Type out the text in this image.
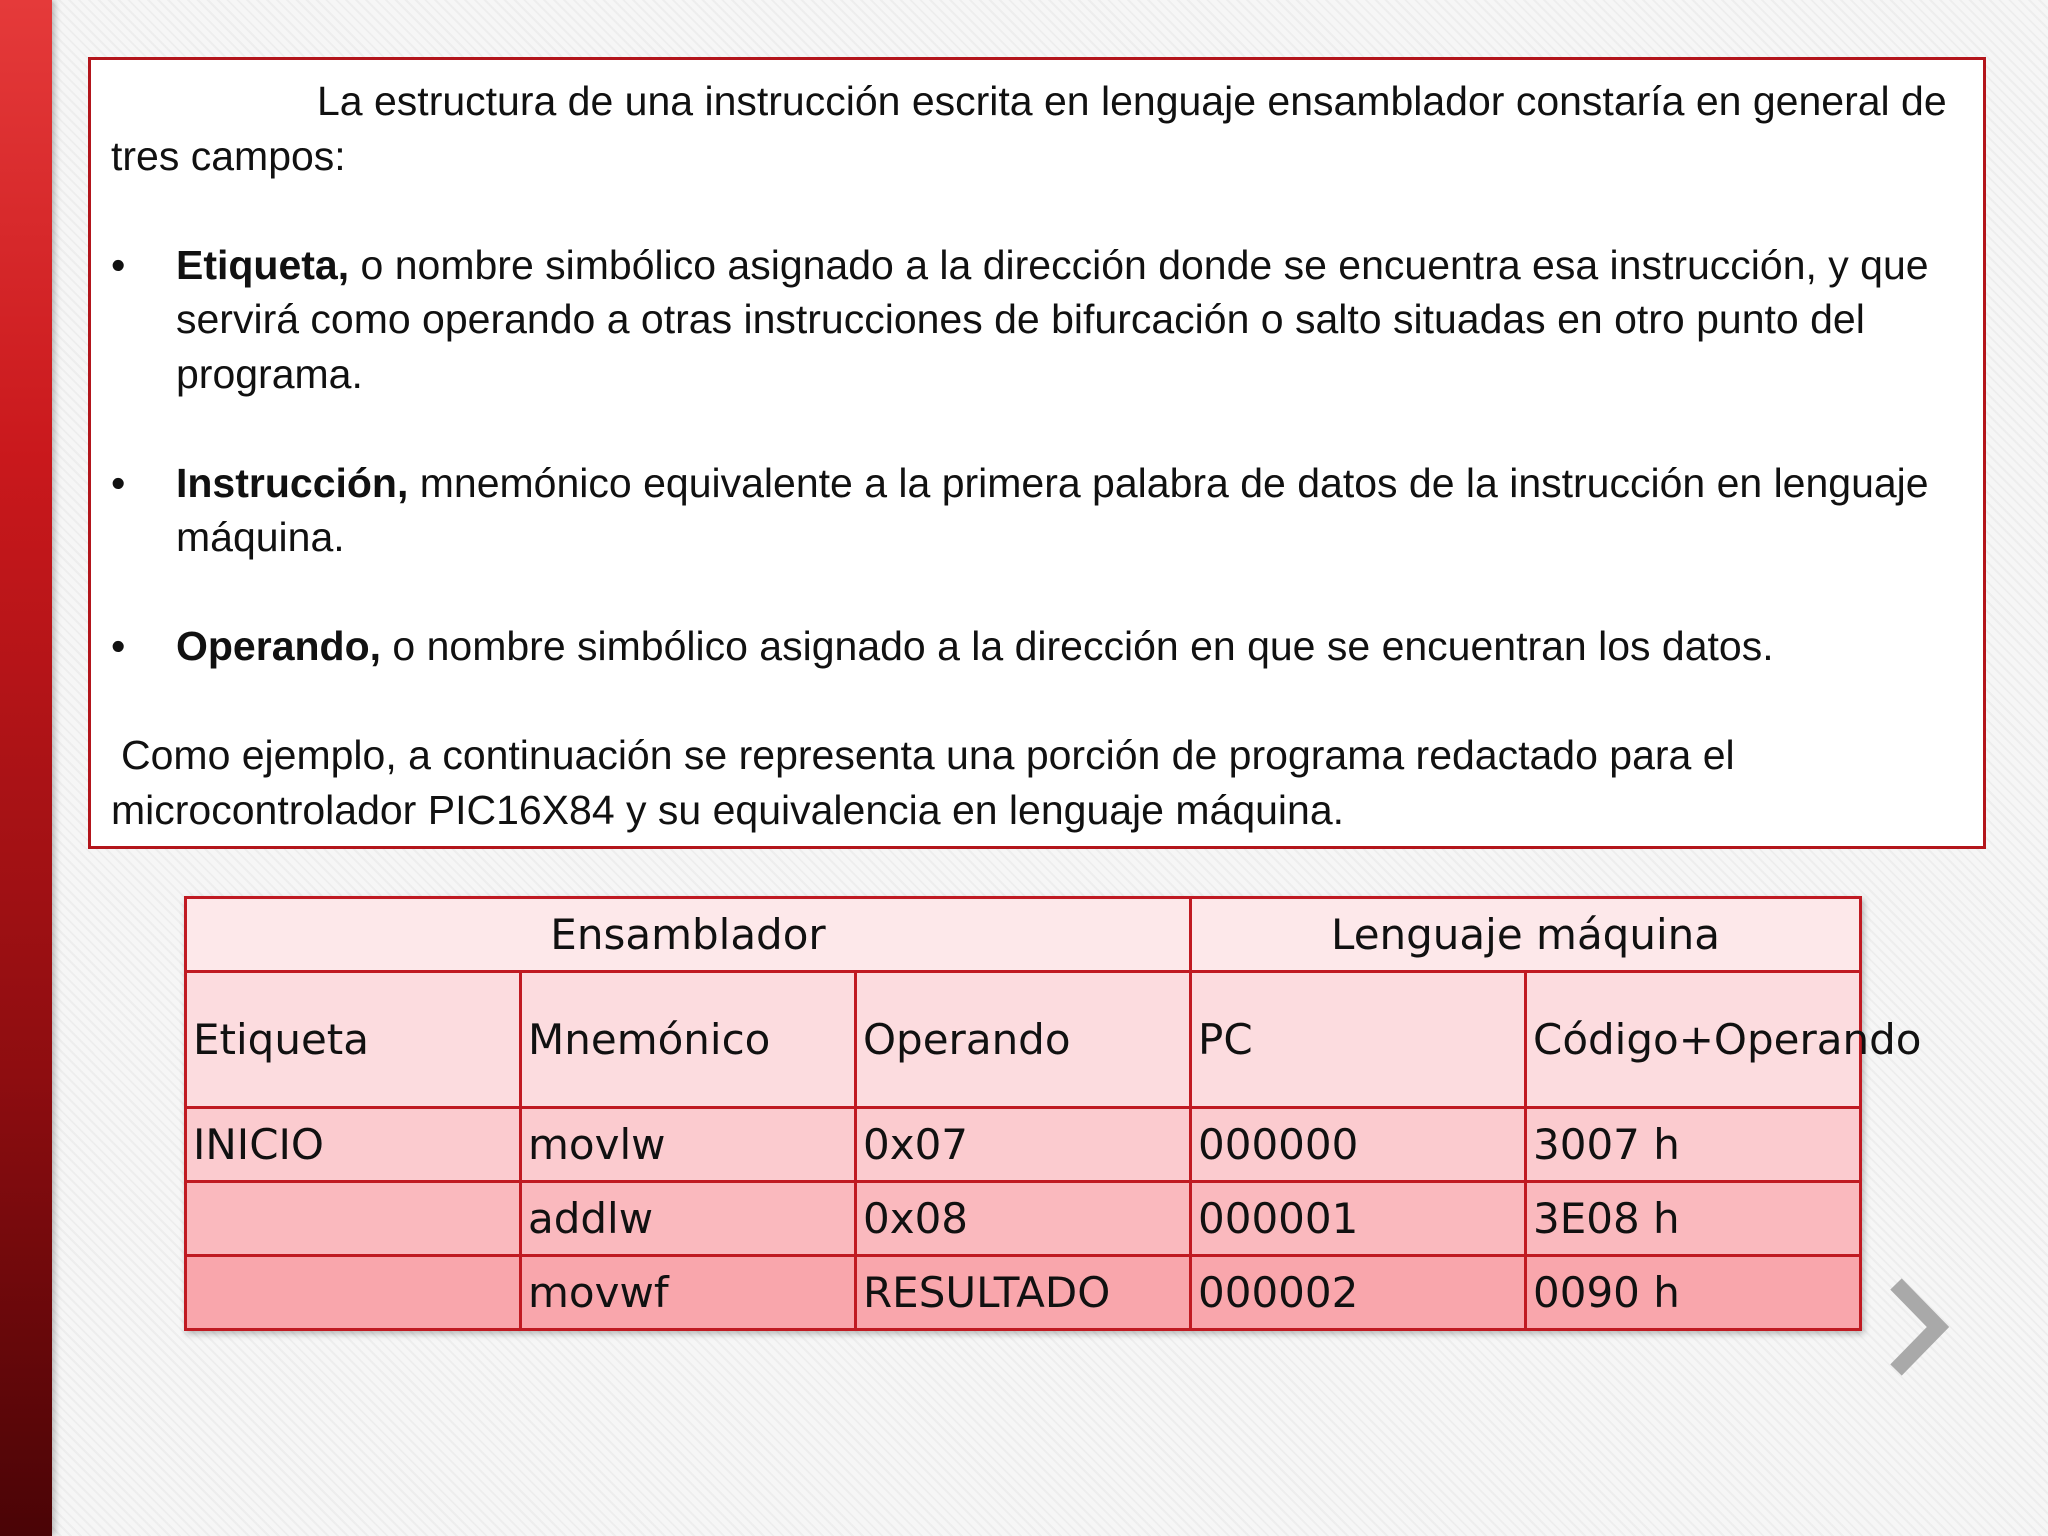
La estructura de una instrucción escrita en lenguaje ensamblador constaría en general de tres campos:

• Etiqueta, o nombre simbólico asignado a la dirección donde se encuentra esa instrucción, y que servirá como operando a otras instrucciones de bifurcación o salto situadas en otro punto del programa.
• Instrucción, mnemónico equivalente a la primera palabra de datos de la instrucción en lenguaje máquina.
• Operando, o nombre simbólico asignado a la dirección en que se encuentran los datos.

Como ejemplo, a continuación se representa una porción de programa redactado para el microcontrolador PIC16X84 y su equivalencia en lenguaje máquina.

Ensamblador			Lenguaje máquina	
Etiqueta	Mnemónico	Operando	PC	Código+Operando
INICIO	movlw	0x07	000000	3007 h
	addlw	0x08	000001	3E08 h
	movwf	RESULTADO	000002	0090 h
